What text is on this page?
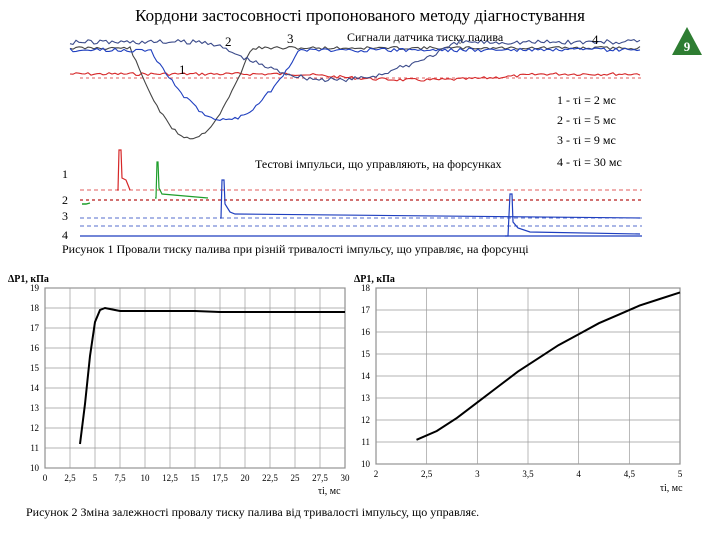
Кордони застосовності пропонованого методу діагностування
9
1
2	3	4
Сигнали датчика тиску палива
Тестові імпульси, що управляють, на форсунках
1 - τі = 2 мс
2 - τі = 5 мс
3 - τі = 9 мс
4 - τі = 30 мс
1
2
3
4
Рисунок 1 Провали тиску палива при різній тривалості імпульсу, що управляє, на форсунці
0 2,5 5 7,5 10 12,5 15 17,5 20 22,5 25 27,5 30
10
11
12
13
14
15
16
17
18
19
ΔP1, кПа
τі, мс
2	2,5	3	3,5	4	4,5	5
10
11
12
13
14
15
16
17
18
ΔP1, кПа
τі, мс
Рисунок 2 Зміна залежності провалу тиску палива від тривалості імпульсу, що управляє.
